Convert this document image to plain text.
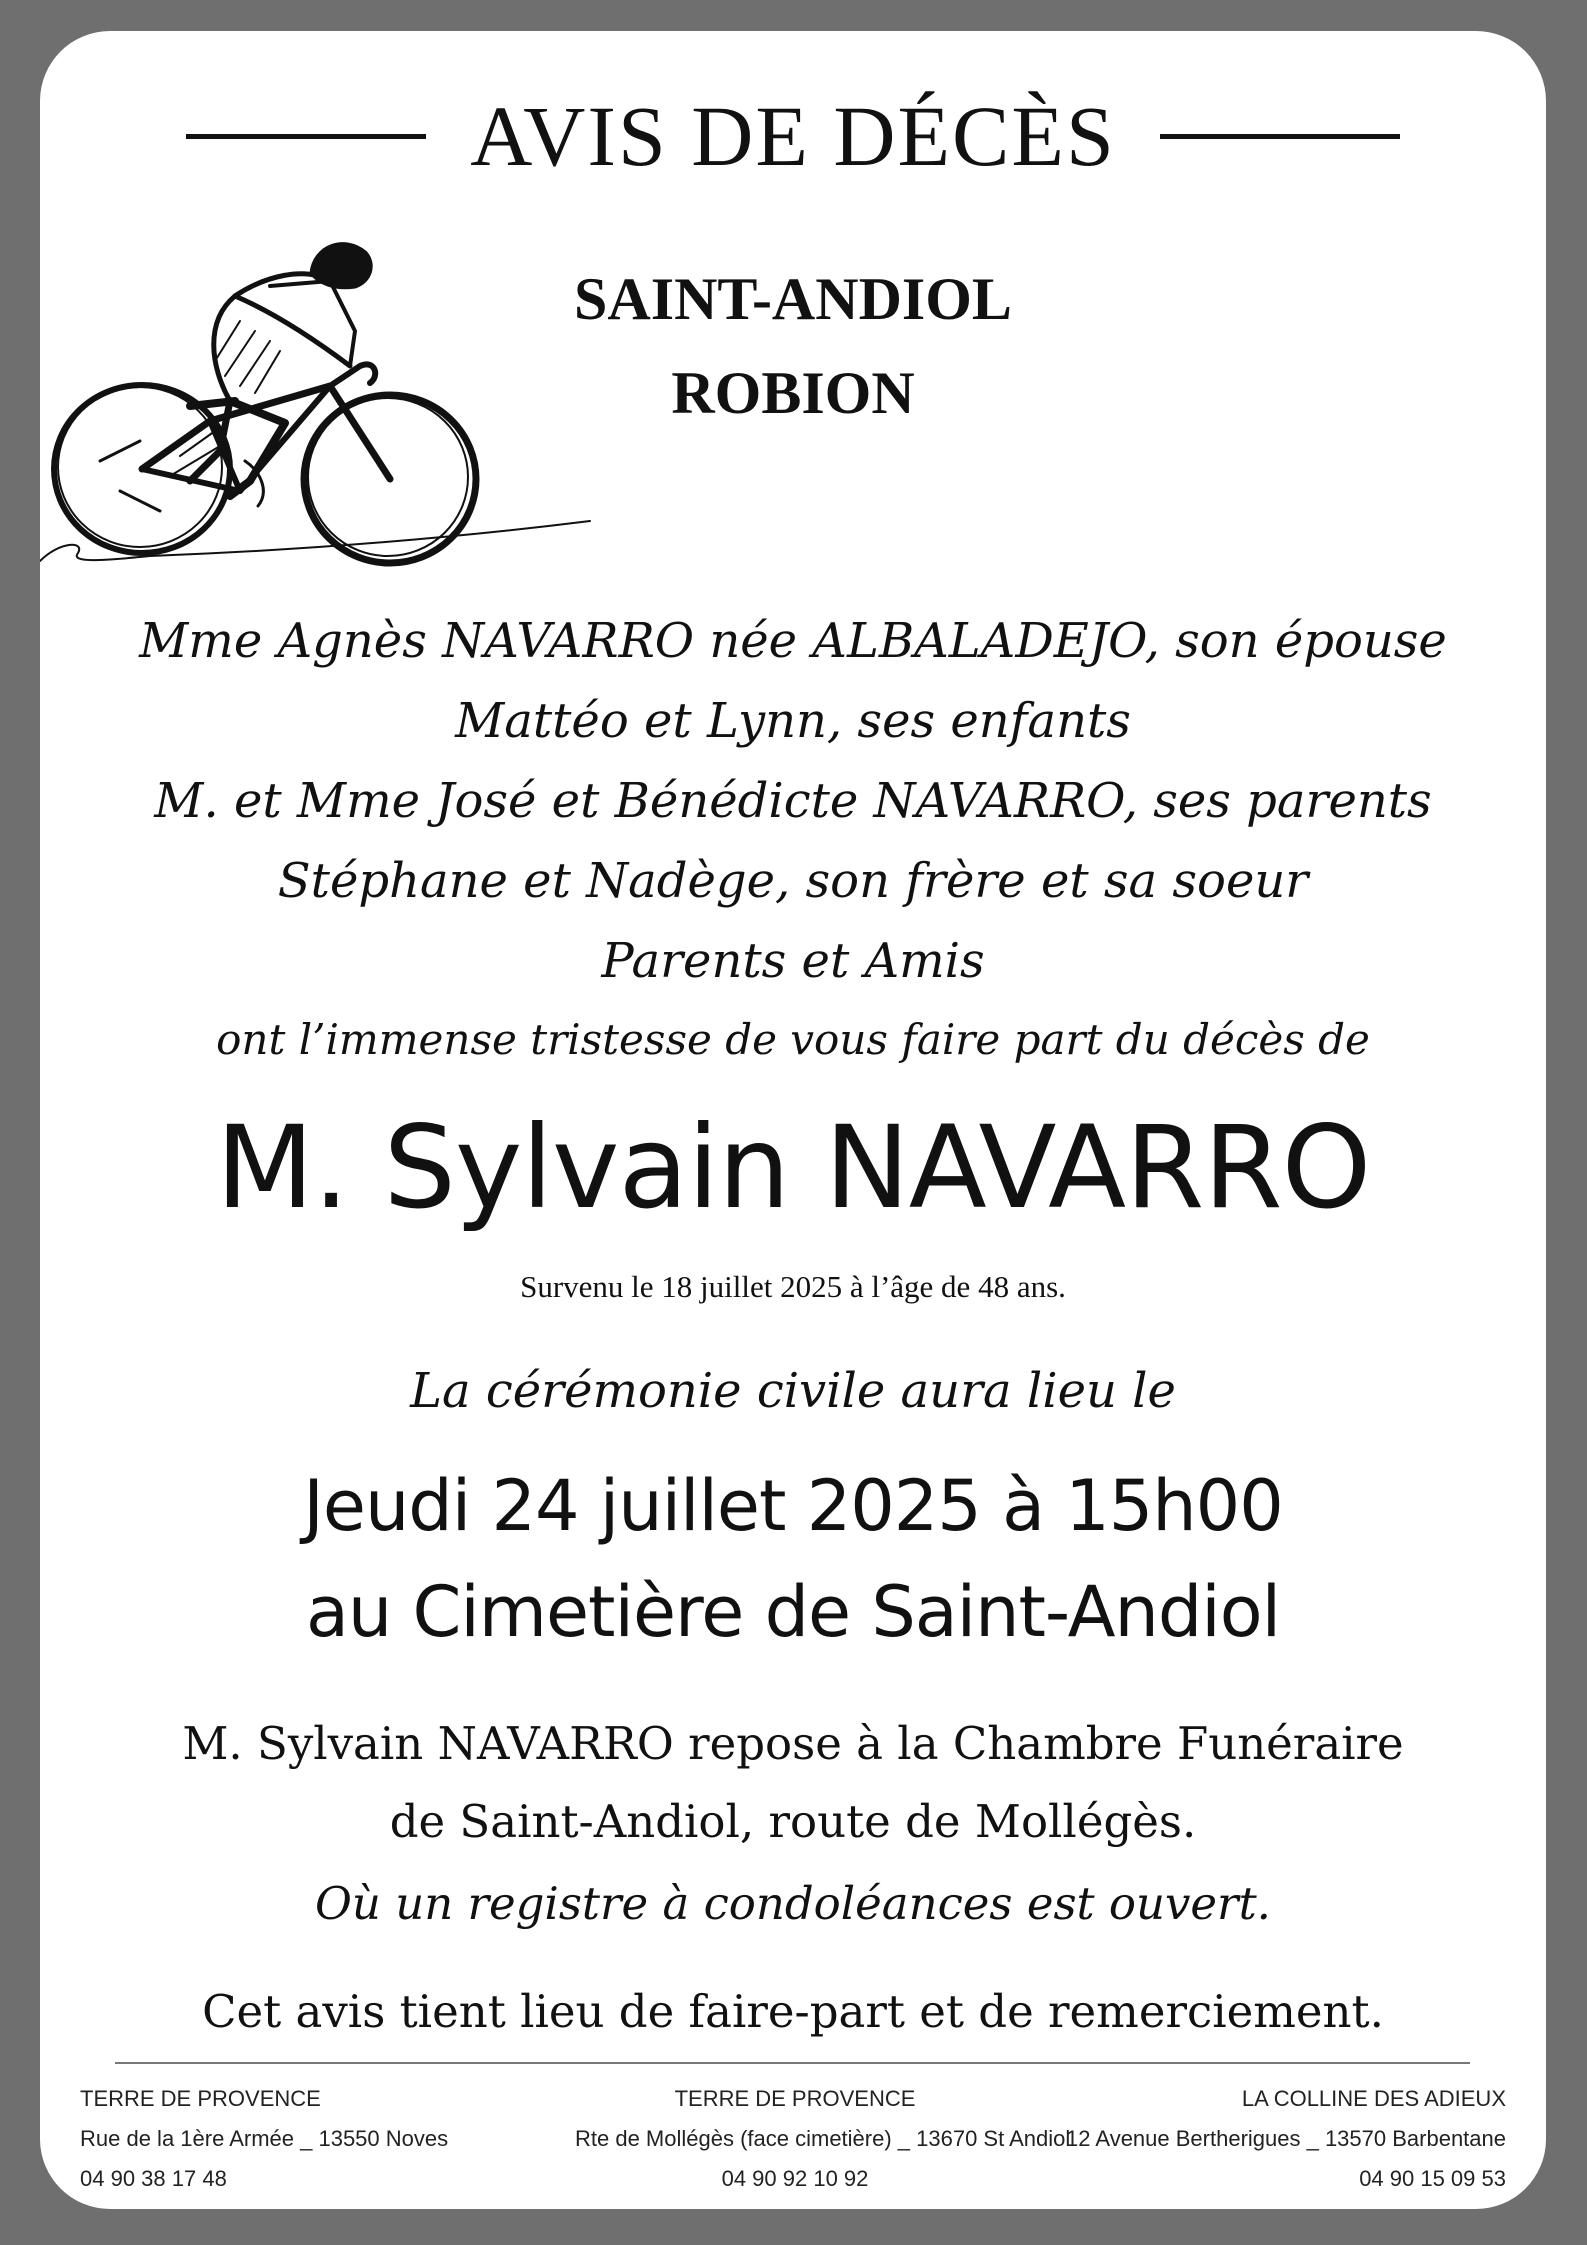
AVIS DE DÉCÈS
SAINT-ANDIOL
ROBION
Mme Agnès NAVARRO née ALBALADEJO, son épouse
Mattéo et Lynn, ses enfants
M. et Mme José et Bénédicte NAVARRO, ses parents
Stéphane et Nadège, son frère et sa soeur
Parents et Amis
ont l’immense tristesse de vous faire part du décès de
M. Sylvain NAVARRO
Survenu le 18 juillet 2025 à l’âge de 48 ans.
La cérémonie civile aura lieu le
Jeudi 24 juillet 2025 à 15h00
au Cimetière de Saint-Andiol
M. Sylvain NAVARRO repose à la Chambre Funéraire
de Saint-Andiol, route de Mollégès.
Où un registre à condoléances est ouvert.
Cet avis tient lieu de faire-part et de remerciement.
TERRE DE PROVENCE
Rue de la 1ère Armée _ 13550 Noves
04 90 38 17 48
TERRE DE PROVENCE
Rte de Mollégès (face cimetière) _ 13670 St Andiol
04 90 92 10 92
LA COLLINE DES ADIEUX
12 Avenue Bertherigues _ 13570 Barbentane
04 90 15 09 53
